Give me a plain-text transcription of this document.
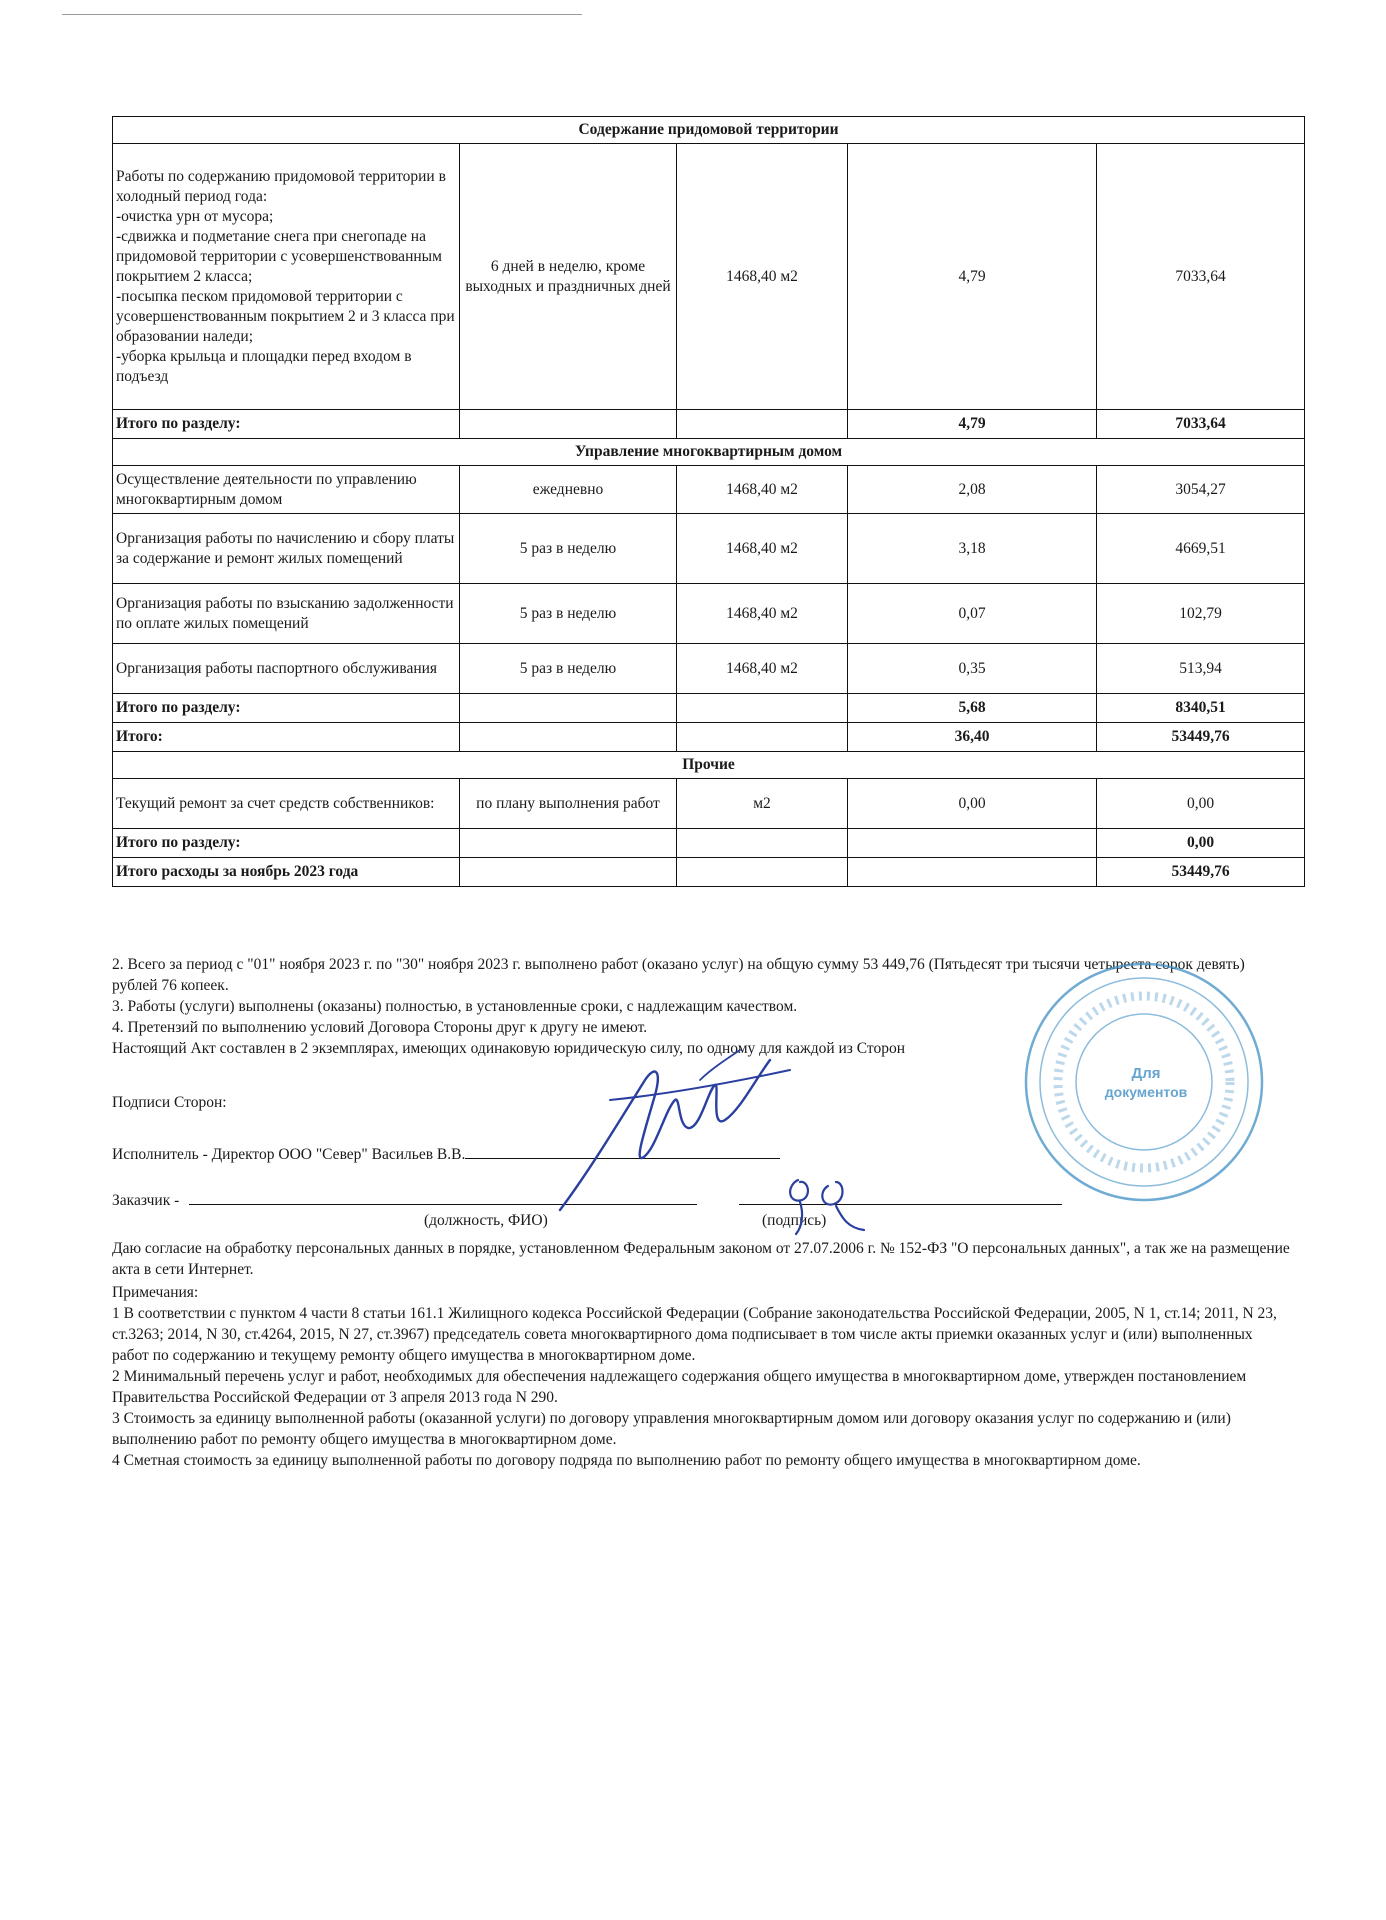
Содержание придомовой территории				
Работы по содержанию придомовой территории в холодный период года:
-очистка урн от мусора;
-сдвижка и подметание снега при снегопаде на придомовой территории с усовершенствованным покрытием 2 класса;
-посыпка песком придомовой территории с усовершенствованным покрытием 2 и 3 класса при образовании наледи;
-уборка крыльца и площадки перед входом в подъезд	6 дней в неделю, кроме выходных и праздничных дней	1468,40 м2	4,79	7033,64
Итого по разделу:			4,79	7033,64
Управление многоквартирным домом				
Осуществление деятельности по управлению многоквартирным домом	ежедневно	1468,40 м2	2,08	3054,27
Организация работы по начислению и сбору платы за содержание и ремонт жилых помещений	5 раз в неделю	1468,40 м2	3,18	4669,51
Организация работы по взысканию задолженности по оплате жилых помещений	5 раз в неделю	1468,40 м2	0,07	102,79
Организация работы паспортного обслуживания	5 раз в неделю	1468,40 м2	0,35	513,94
Итого по разделу:			5,68	8340,51
Итого:			36,40	53449,76
Прочие				
Текущий ремонт за счет средств собственников:	по плану выполнения работ	м2	0,00	0,00
Итого по разделу:				0,00
Итого расходы за ноябрь 2023 года				53449,76

2. Всего за период с "01" ноября 2023 г. по "30" ноября 2023 г. выполнено работ (оказано услуг) на общую сумму 53 449,76 (Пятьдесят три тысячи четыреста сорок девять) рублей 76 копеек.

3. Работы (услуги) выполнены (оказаны) полностью, в установленные сроки, с надлежащим качеством.

4. Претензий по выполнению условий Договора Стороны друг к другу не имеют.

Настоящий Акт составлен в 2 экземплярах, имеющих одинаковую юридическую силу, по одному для каждой из Сторон

Подписи Сторон:
Исполнитель - Директор ООО "Север" Васильев В.В.
Заказчик -
(должность, ФИО)	(подпись)
Даю согласие на обработку персональных данных в порядке, установленном Федеральным законом от 27.07.2006 г. № 152-ФЗ "О персональных данных", а так же на размещение акта в сети Интернет.

Примечания:

1 В соответствии с пунктом 4 части 8 статьи 161.1 Жилищного кодекса Российской Федерации (Собрание законодательства Российской Федерации, 2005, N 1, ст.14; 2011, N 23, ст.3263; 2014, N 30, ст.4264, 2015, N 27, ст.3967) председатель совета многоквартирного дома подписывает в том числе акты приемки оказанных услуг и (или) выполненных работ по содержанию и текущему ремонту общего имущества в многоквартирном доме.

2 Минимальный перечень услуг и работ, необходимых для обеспечения надлежащего содержания общего имущества в многоквартирном доме, утвержден постановлением Правительства Российской Федерации от 3 апреля 2013 года N 290.

3 Стоимость за единицу выполненной работы (оказанной услуги) по договору управления многоквартирным домом или договору оказания услуг по содержанию и (или) выполнению работ по ремонту общего имущества в многоквартирном доме.

4 Сметная стоимость за единицу выполненной работы по договору подряда по выполнению работ по ремонту общего имущества в многоквартирном доме.

Для
документов
